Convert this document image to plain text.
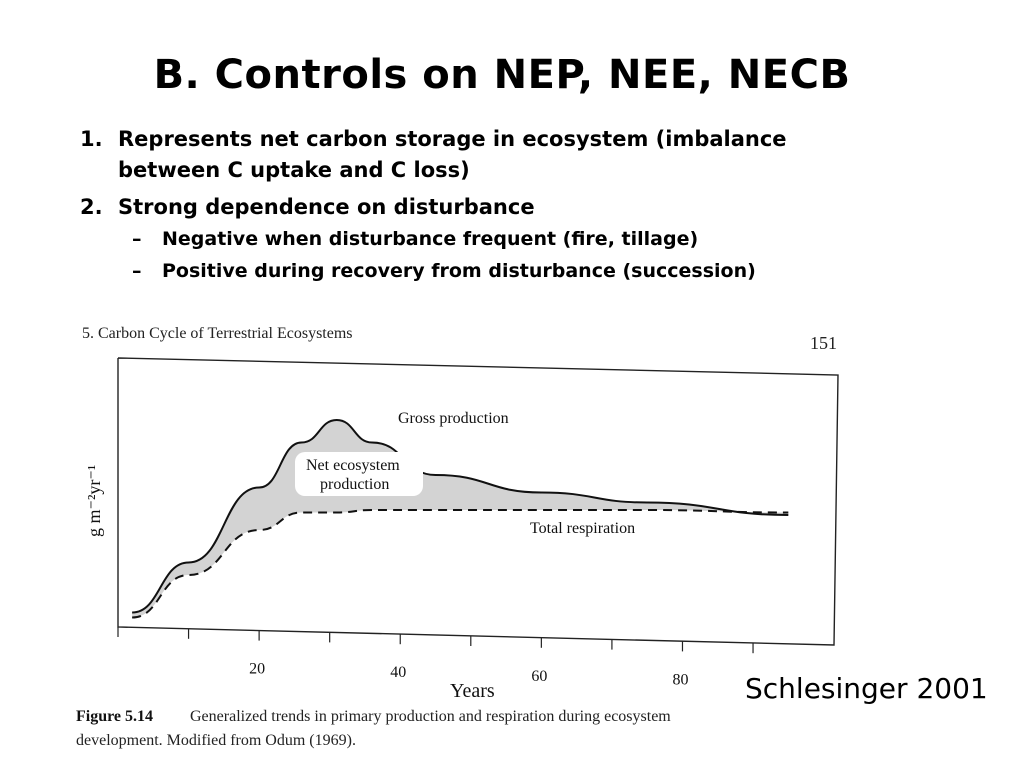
B. Controls on NEP, NEE, NECB
1. Represents net carbon storage in ecosystem (imbalance
between C uptake and C loss)
2. Strong dependence on disturbance
– Negative when disturbance frequent (fire, tillage)
– Positive during recovery from disturbance (succession)
5. Carbon Cycle of Terrestrial Ecosystems	151
Gross production
Total respiration
Net ecosystem
production
20	40	60	80
g m⁻²yr⁻¹
Years
Figure 5.14 Generalized trends in primary production and respiration during ecosystem
development. Modified from Odum (1969).
Schlesinger 2001
